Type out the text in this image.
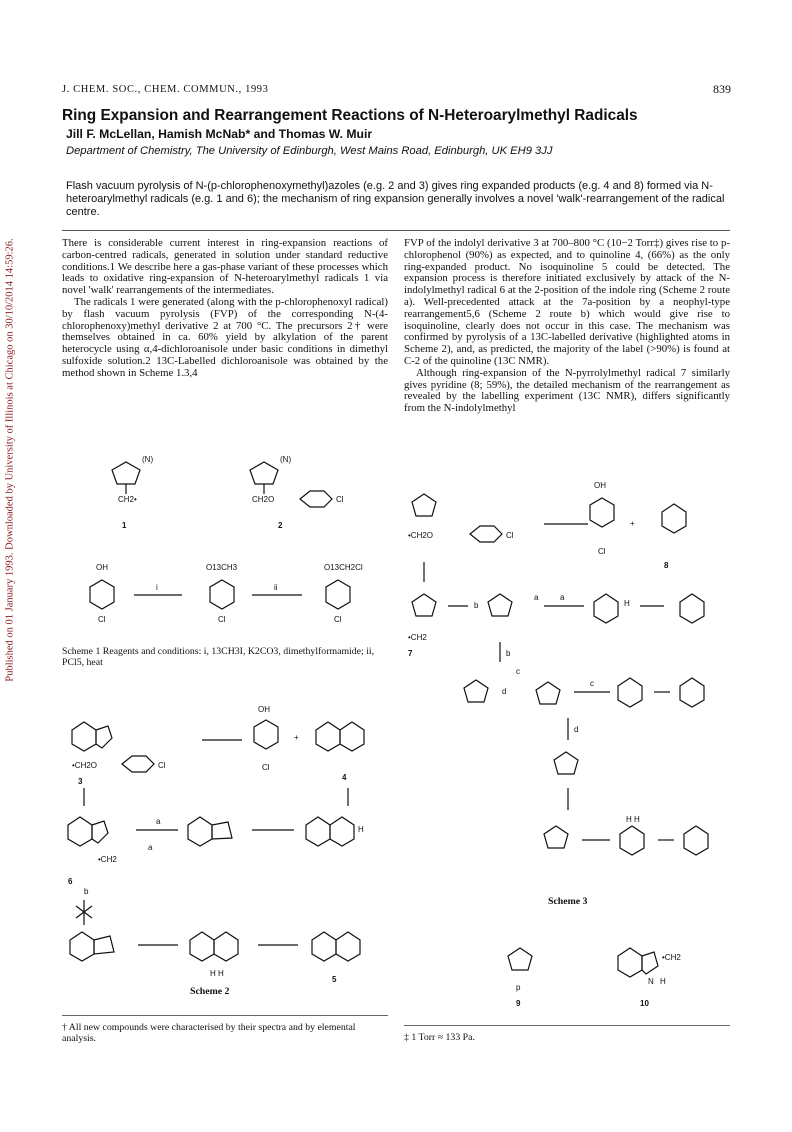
Published on 01 January 1993. Downloaded by University of Illinois at Chicago on 30/10/2014 14:59:26.
J. CHEM. SOC., CHEM. COMMUN., 1993	839
Ring Expansion and Rearrangement Reactions of N-Heteroarylmethyl Radicals
Jill F. McLellan, Hamish McNab* and Thomas W. Muir
Department of Chemistry, The University of Edinburgh, West Mains Road, Edinburgh, UK EH9 3JJ
Flash vacuum pyrolysis of N-(p-chlorophenoxymethyl)azoles (e.g. 2 and 3) gives ring expanded products (e.g. 4 and 8) formed via N-heteroarylmethyl radicals (e.g. 1 and 6); the mechanism of ring expansion generally involves a novel 'walk'-rearrangement of the radical centre.

There is considerable current interest in ring-expansion reactions of carbon-centred radicals, generated in solution under standard reductive conditions.1 We describe here a gas-phase variant of these processes which leads to oxidative ring-expansion of N-heteroarylmethyl radicals 1 via novel 'walk' rearrangements of the intermediates.

The radicals 1 were generated (along with the p-chlorophenoxyl radical) by flash vacuum pyrolysis (FVP) of the corresponding N-(4-chlorophenoxy)methyl derivative 2 at 700 °C. The precursors 2† were themselves obtained in ca. 60% yield by alkylation of the parent heterocycle using α,4-dichloroanisole under basic conditions in dimethyl sulfoxide solution.2 13C-Labelled dichloroanisole was obtained by the method shown in Scheme 1.3,4

FVP of the indolyl derivative 3 at 700–800 °C (10−2 Torr‡) gives rise to p-chlorophenol (90%) as expected, and to quinoline 4, (66%) as the only ring-expanded product. No isoquinoline 5 could be detected. The expansion process is therefore initiated exclusively by attack of the N-indolylmethyl radical 6 at the 2-position of the indole ring (Scheme 2 route a). Well-precedented attack at the 7a-position by a neophyl-type rearrangement5,6 (Scheme 2 route b) which would give rise to isoquinoline, clearly does not occur in this case. The mechanism was confirmed by pyrolysis of a 13C-labelled derivative (highlighted atoms in Scheme 2), and, as predicted, the majority of the label (>90%) is found at C-2 of the quinoline (13C NMR).

Although ring-expansion of the N-pyrrolylmethyl radical 7 similarly gives pyridine (8; 59%), the detailed mechanism of the rearrangement as revealed by the labelling experiment (13C NMR), differs significantly from the N-indolylmethyl

(N)
CH2•
1
(N)
CH2O	Cl
2
OH
Cl
i
O13CH3
Cl
ii
O13CH2Cl
Cl
Scheme 1 Reagents and conditions: i, 13CH3I, K2CO3, dimethylformamide; ii, PCl5, heat
•CH2O	Cl
3
OH
Cl
+
4
•CH2
a
6
b
a
H
H H
5
Scheme 2
•CH2O	Cl
OH
Cl
+
8
•CH2
7
b
a	a
H
b
d
c
c
d
H H
Scheme 3
p
9
•CH2
N H
10
† All new compounds were characterised by their spectra and by elemental analysis.	‡ 1 Torr ≈ 133 Pa.
